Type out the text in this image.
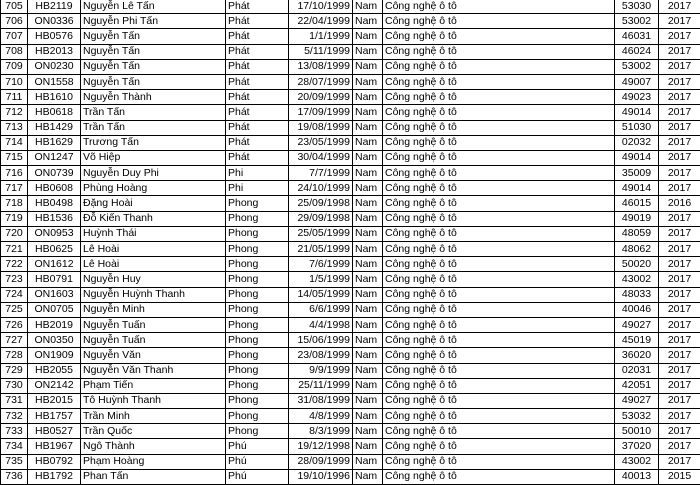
705	HB2119	Nguyễn Lê Tấn	Phát	17/10/1999	Nam	Công nghệ ô tô	53030	2017
706	ON0336	Nguyễn Phi Tấn	Phát	22/04/1999	Nam	Công nghệ ô tô	53002	2017
707	HB0576	Nguyễn Tấn	Phát	1/1/1999	Nam	Công nghệ ô tô	46031	2017
708	HB2013	Nguyễn Tấn	Phát	5/11/1999	Nam	Công nghệ ô tô	46024	2017
709	ON0230	Nguyễn Tấn	Phát	13/08/1999	Nam	Công nghệ ô tô	53002	2017
710	ON1558	Nguyễn Tấn	Phát	28/07/1999	Nam	Công nghệ ô tô	49007	2017
711	HB1610	Nguyễn Thành	Phát	20/09/1999	Nam	Công nghệ ô tô	49023	2017
712	HB0618	Trần Tấn	Phát	17/09/1999	Nam	Công nghệ ô tô	49014	2017
713	HB1429	Trần Tấn	Phát	19/08/1999	Nam	Công nghệ ô tô	51030	2017
714	HB1629	Trương Tấn	Phát	23/05/1999	Nam	Công nghệ ô tô	02032	2017
715	ON1247	Võ Hiệp	Phát	30/04/1999	Nam	Công nghệ ô tô	49014	2017
716	ON0739	Nguyễn Duy Phi	Phi	7/7/1999	Nam	Công nghệ ô tô	35009	2017
717	HB0608	Phùng Hoàng	Phi	24/10/1999	Nam	Công nghệ ô tô	49014	2017
718	HB0498	Đặng Hoài	Phong	25/09/1998	Nam	Công nghệ ô tô	46015	2016
719	HB1536	Đỗ Kiến Thanh	Phong	29/09/1998	Nam	Công nghệ ô tô	49019	2017
720	ON0953	Huỳnh Thái	Phong	25/05/1999	Nam	Công nghệ ô tô	48059	2017
721	HB0625	Lê Hoài	Phong	21/05/1999	Nam	Công nghệ ô tô	48062	2017
722	ON1612	Lê Hoài	Phong	7/6/1999	Nam	Công nghệ ô tô	50020	2017
723	HB0791	Nguyễn Huy	Phong	1/5/1999	Nam	Công nghệ ô tô	43002	2017
724	ON1603	Nguyễn Huỳnh Thanh	Phong	14/05/1999	Nam	Công nghệ ô tô	48033	2017
725	ON0705	Nguyễn Minh	Phong	6/6/1999	Nam	Công nghệ ô tô	40046	2017
726	HB2019	Nguyễn Tuấn	Phong	4/4/1998	Nam	Công nghệ ô tô	49027	2017
727	ON0350	Nguyễn Tuấn	Phong	15/06/1999	Nam	Công nghệ ô tô	45019	2017
728	ON1909	Nguyễn Văn	Phong	23/08/1999	Nam	Công nghệ ô tô	36020	2017
729	HB2055	Nguyễn Văn Thanh	Phong	9/9/1999	Nam	Công nghệ ô tô	02031	2017
730	ON2142	Phạm Tiến	Phong	25/11/1999	Nam	Công nghệ ô tô	42051	2017
731	HB2015	Tô Huỳnh Thanh	Phong	31/08/1999	Nam	Công nghệ ô tô	49027	2017
732	HB1757	Trần Minh	Phong	4/8/1999	Nam	Công nghệ ô tô	53032	2017
733	HB0527	Trần Quốc	Phong	8/3/1999	Nam	Công nghệ ô tô	50010	2017
734	HB1967	Ngô Thành	Phú	19/12/1998	Nam	Công nghệ ô tô	37020	2017
735	HB0792	Phạm Hoàng	Phú	28/09/1999	Nam	Công nghệ ô tô	43002	2017
736	HB1792	Phan Tấn	Phú	19/10/1996	Nam	Công nghệ ô tô	40013	2015
